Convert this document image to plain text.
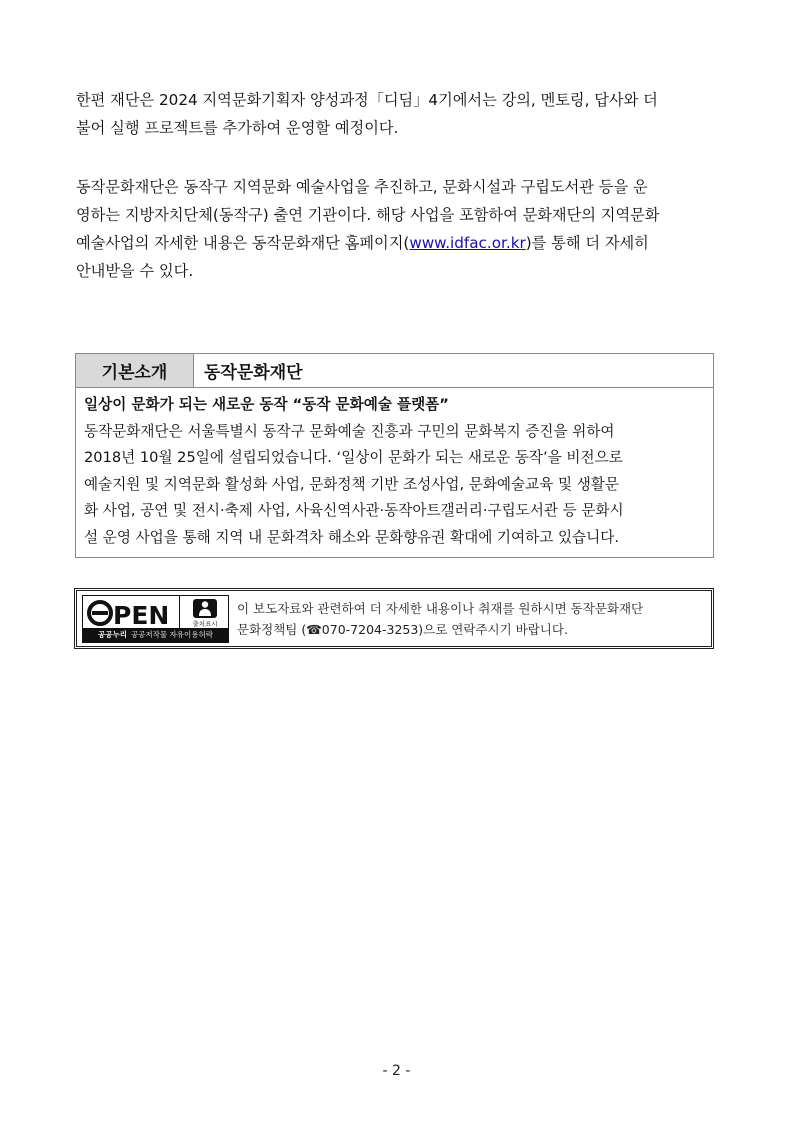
한편 재단은 2024 지역문화기획자 양성과정「디딤」4기에서는 강의, 멘토링, 답사와 더
불어 실행 프로젝트를 추가하여 운영할 예정이다.
동작문화재단은 동작구 지역문화 예술사업을 추진하고, 문화시설과 구립도서관 등을 운
영하는 지방자치단체(동작구) 출연 기관이다. 해당 사업을 포함하여 문화재단의 지역문화
예술사업의 자세한 내용은 동작문화재단 홈페이지(www.idfac.or.kr)를 통해 더 자세히
안내받을 수 있다.
기본소개	동작문화재단
일상이 문화가 되는 새로운 동작 “동작 문화예술 플랫폼”
동작문화재단은 서울특별시 동작구 문화예술 진흥과 구민의 문화복지 증진을 위하여
2018년 10월 25일에 설립되었습니다. ‘일상이 문화가 되는 새로운 동작’을 비전으로
예술지원 및 지역문화 활성화 사업, 문화정책 기반 조성사업, 문화예술교육 및 생활문
화 사업, 공연 및 전시·축제 사업, 사육신역사관·동작아트갤러리·구립도서관 등 문화시
설 운영 사업을 통해 지역 내 문화격차 해소와 문화향유권 확대에 기여하고 있습니다.
PEN	출처표시
공공누리 공공저작물 자유이용허락
이 보도자료와 관련하여 더 자세한 내용이나 취재를 원하시면 동작문화재단
문화정책팀 (☎070-7204-3253)으로 연락주시기 바랍니다.
- 2 -
